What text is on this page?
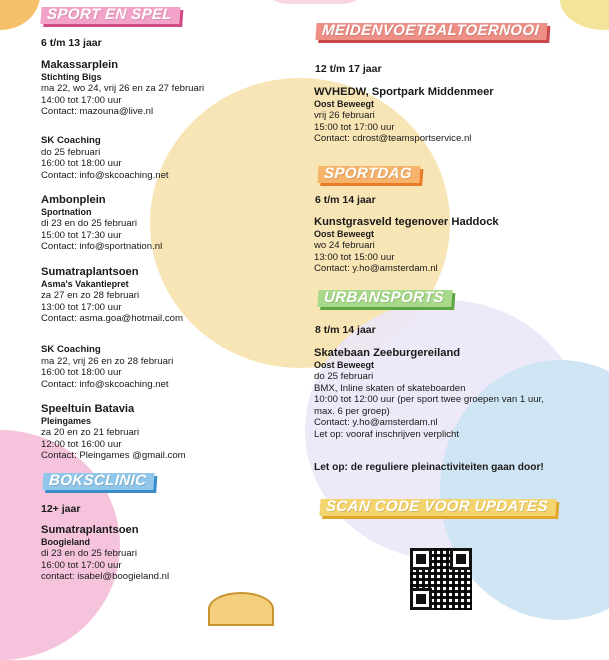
SPORT EN SPEL
6 t/m 13 jaar
Makassarplein
Stichting Bigs
ma 22, wo 24, vrij 26 en za 27 februari
14:00 tot 17:00 uur
Contact: mazouna@live.nl
SK Coaching
do 25 februari
16:00 tot 18:00 uur
Contact: info@skcoaching.net
Ambonplein
Sportnation
di 23 en do 25 februari
15:00 tot 17:30 uur
Contact: info@sportnation.nl
Sumatraplantsoen
Asma's Vakantiepret
za 27 en zo 28 februari
13:00 tot 17:00 uur
Contact: asma.goa@hotmail.com
SK Coaching
ma 22, vrij 26 en zo 28 februari
16:00 tot 18:00 uur
Contact: info@skcoaching.net
Speeltuin Batavia
Pleingames
za 20 en zo 21 februari
12:00 tot 16:00 uur
Contact: Pleingames @gmail.com
BOKSCLINIC
12+ jaar
Sumatraplantsoen
Boogieland
di 23 en do 25 februari
16:00 tot 17:00 uur
contact: isabel@boogieland.nl
MEIDENVOETBALTOERNOOI
12 t/m 17 jaar
WVHEDW, Sportpark Middenmeer
Oost Beweegt
vrij 26 februari
15:00 tot 17:00 uur
Contact: cdrost@teamsportservice.nl
SPORTDAG
6 t/m 14 jaar
Kunstgrasveld tegenover Haddock
Oost Beweegt
wo 24 februari
13:00 tot 15:00 uur
Contact: y.ho@amsterdam.nl
URBANSPORTS
8 t/m 14 jaar
Skatebaan Zeeburgereiland
Oost Beweegt
do 25 februari
BMX, Inline skaten of skateboarden
10:00 tot 12:00 uur (per sport twee groepen van 1 uur,
max. 6 per groep)
Contact: y.ho@amsterdam.nl
Let op: vooraf inschrijven verplicht
Let op: de reguliere pleinactiviteiten gaan door!
SCAN CODE VOOR UPDATES
